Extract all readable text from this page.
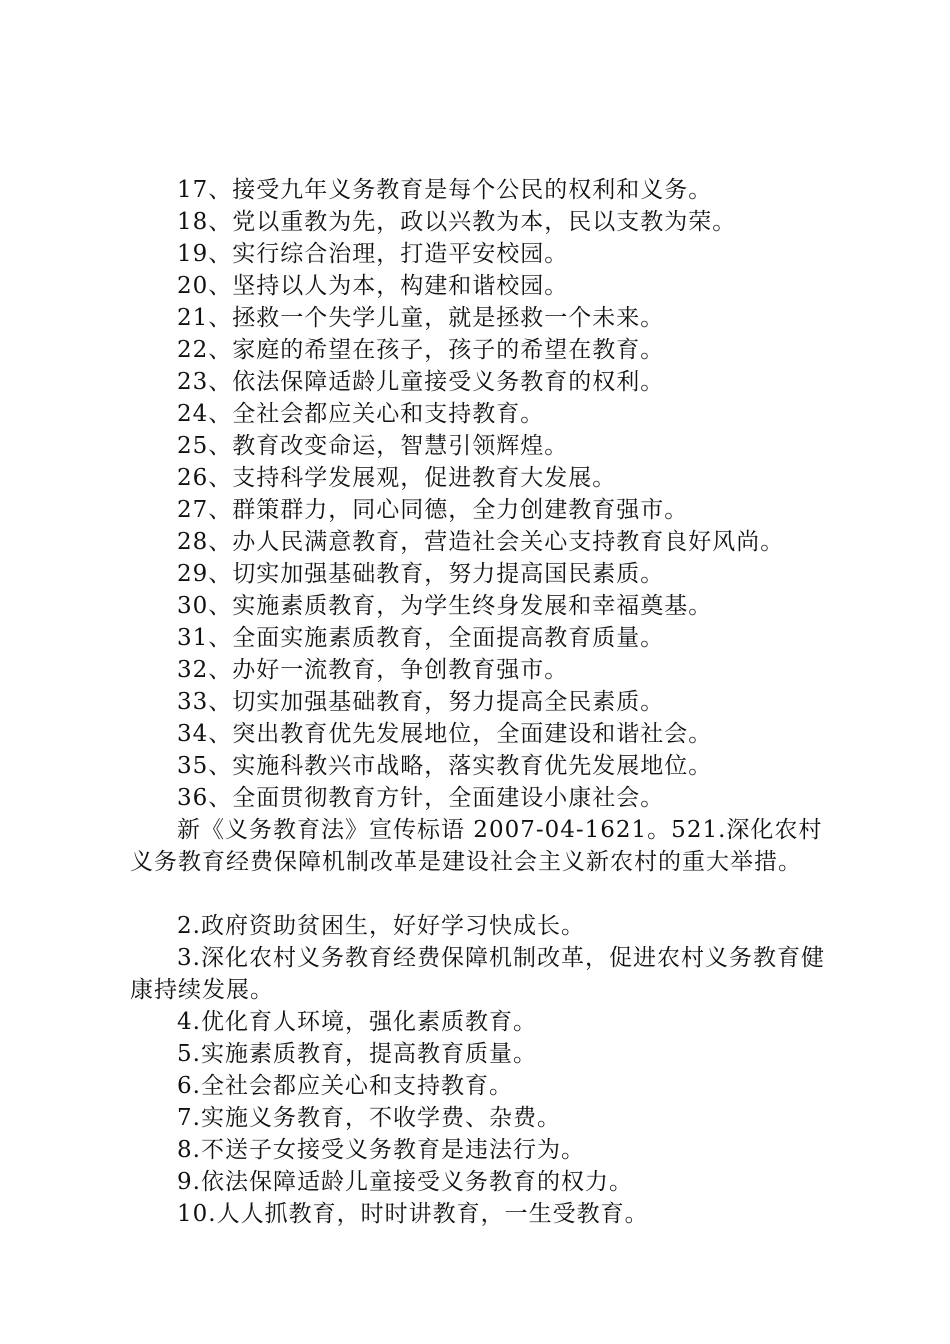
17、接受九年义务教育是每个公民的权利和义务。

18、党以重教为先，政以兴教为本，民以支教为荣。

19、实行综合治理，打造平安校园。

20、坚持以人为本，构建和谐校园。

21、拯救一个失学儿童，就是拯救一个未来。

22、家庭的希望在孩子，孩子的希望在教育。

23、依法保障适龄儿童接受义务教育的权利。

24、全社会都应关心和支持教育。

25、教育改变命运，智慧引领辉煌。

26、支持科学发展观，促进教育大发展。

27、群策群力，同心同德，全力创建教育强市。

28、办人民满意教育，营造社会关心支持教育良好风尚。

29、切实加强基础教育，努力提高国民素质。

30、实施素质教育，为学生终身发展和幸福奠基。

31、全面实施素质教育，全面提高教育质量。

32、办好一流教育，争创教育强市。

33、切实加强基础教育，努力提高全民素质。

34、突出教育优先发展地位，全面建设和谐社会。

35、实施科教兴市战略，落实教育优先发展地位。

36、全面贯彻教育方针，全面建设小康社会。

新《义务教育法》宣传标语 2007-04-1621。521.深化农村义务教育经费保障机制改革是建设社会主义新农村的重大举措。

2.政府资助贫困生，好好学习快成长。

3.深化农村义务教育经费保障机制改革，促进农村义务教育健康持续发展。

4.优化育人环境，强化素质教育。

5.实施素质教育，提高教育质量。

6.全社会都应关心和支持教育。

7.实施义务教育，不收学费、杂费。

8.不送子女接受义务教育是违法行为。

9.依法保障适龄儿童接受义务教育的权力。

10.人人抓教育，时时讲教育，一生受教育。
